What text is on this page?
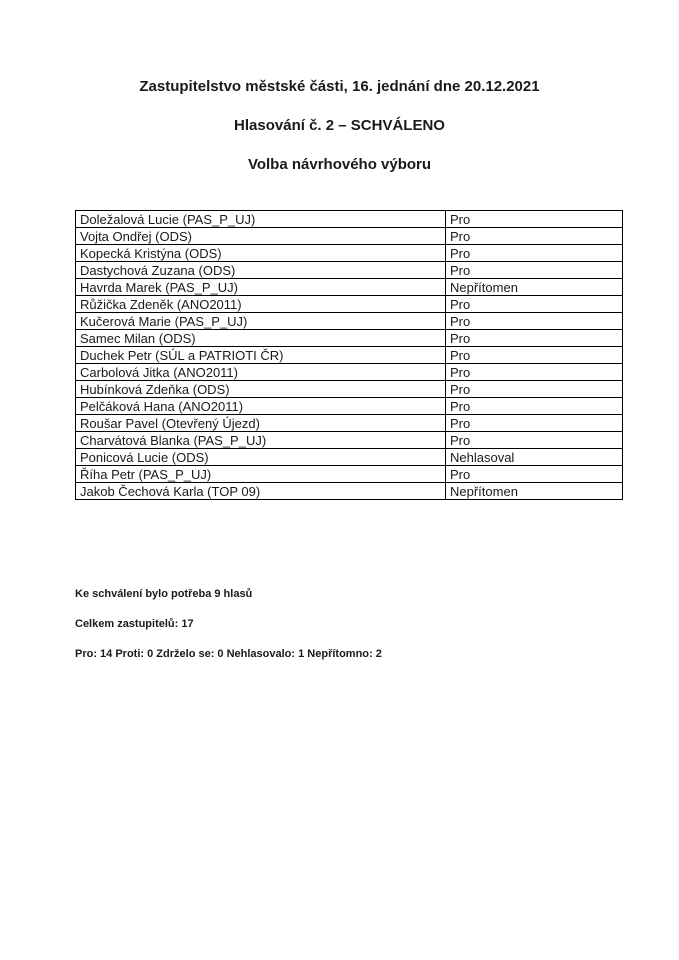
Zastupitelstvo městské části, 16. jednání dne 20.12.2021
Hlasování č. 2 – SCHVÁLENO
Volba návrhového výboru
Doležalová Lucie (PAS_P_UJ)	Pro
Vojta Ondřej (ODS)	Pro
Kopecká Kristýna (ODS)	Pro
Dastychová Zuzana (ODS)	Pro
Havrda Marek (PAS_P_UJ)	Nepřítomen
Růžička Zdeněk (ANO2011)	Pro
Kučerová Marie (PAS_P_UJ)	Pro
Samec Milan (ODS)	Pro
Duchek Petr (SÚL a PATRIOTI ČR)	Pro
Carbolová Jitka (ANO2011)	Pro
Hubínková Zdeňka (ODS)	Pro
Pelčáková Hana (ANO2011)	Pro
Roušar Pavel (Otevřený Újezd)	Pro
Charvátová Blanka (PAS_P_UJ)	Pro
Ponicová Lucie (ODS)	Nehlasoval
Říha Petr (PAS_P_UJ)	Pro
Jakob Čechová Karla (TOP 09)	Nepřítomen
Ke schválení bylo potřeba 9 hlasů
Celkem zastupitelů: 17
Pro: 14 Proti: 0 Zdrželo se: 0 Nehlasovalo: 1 Nepřítomno: 2
